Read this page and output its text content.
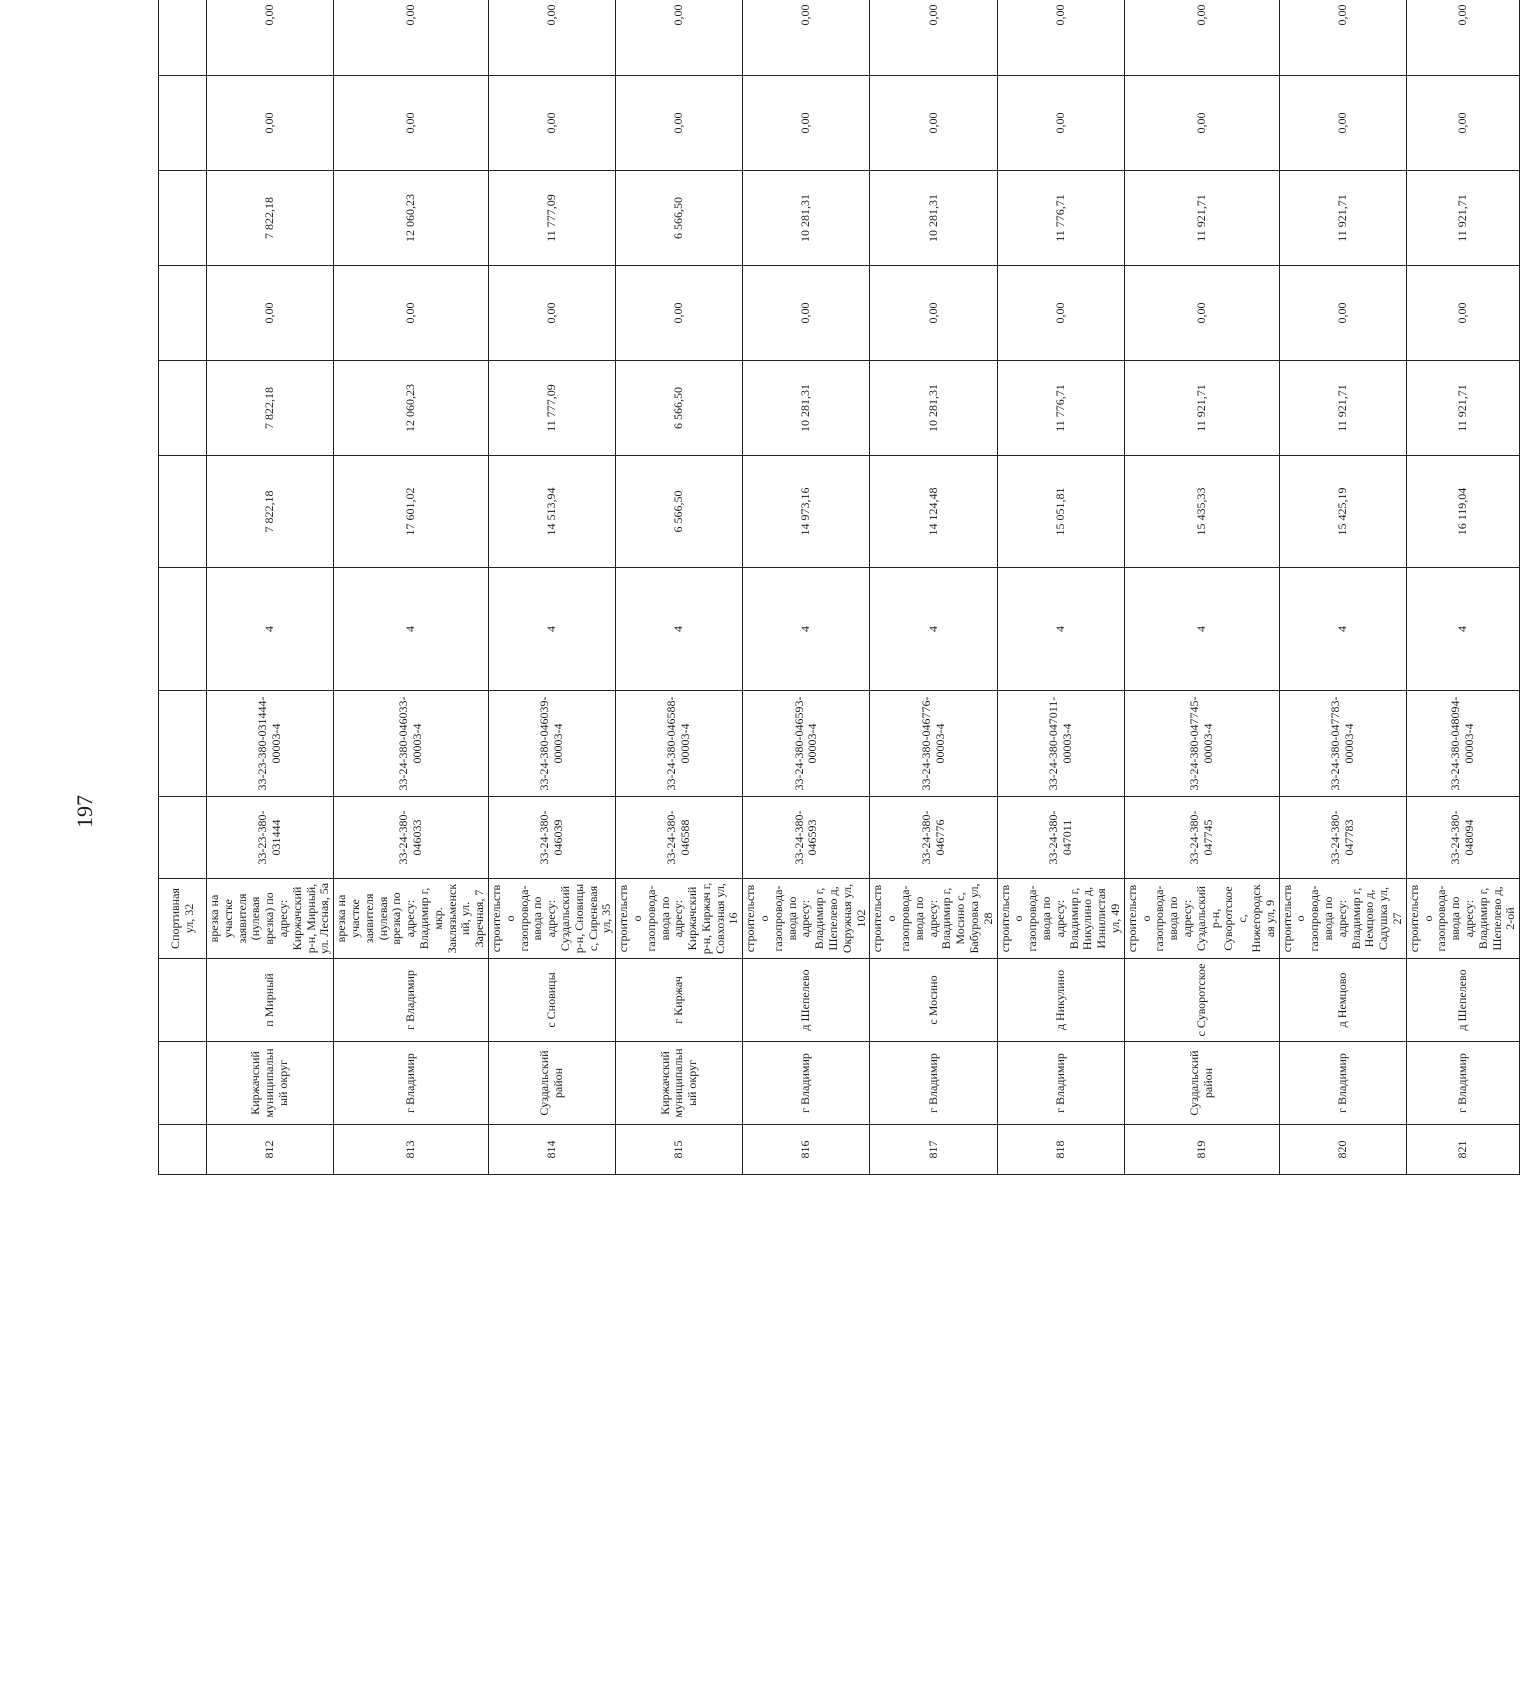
197
			Спортивная ул, 32									
812	Киржачский муниципальный округ	п Мирный	врезка на участке заявителя (нулевая врезка) по адресу: Киржачский р-н, Мирный, ул. Лесная, 5а	33-23-380-031444	33-23-380-031444-00003-4	4	7 822,18	7 822,18	0,00	7 822,18	0,00	0,00
813	г Владимир	г Владимир	врезка на участке заявителя (нулевая врезка) по адресу: Владимир г, мкр. Заклязьменский, ул. Заречная, 7	33-24-380-046033	33-24-380-046033-00003-4	4	17 601,02	12 060,23	0,00	12 060,23	0,00	0,00
814	Суздальский район	с Сновицы	строительство газопровода-ввода по адресу: Суздальский р-н, Сновицы с, Сиреневая ул, 35	33-24-380-046039	33-24-380-046039-00003-4	4	14 513,94	11 777,09	0,00	11 777,09	0,00	0,00
815	Киржачский муниципальный округ	г Киржач	строительство газопровода-ввода по адресу: Киржачский р-н, Киржач г, Совхозная ул, 16	33-24-380-046588	33-24-380-046588-00003-4	4	6 566,50	6 566,50	0,00	6 566,50	0,00	0,00
816	г Владимир	д Шепелево	строительство газопровода-ввода по адресу: Владимир г, Шепелево д, Окружная ул, 102	33-24-380-046593	33-24-380-046593-00003-4	4	14 973,16	10 281,31	0,00	10 281,31	0,00	0,00
817	г Владимир	с Мосино	строительство газопровода-ввода по адресу: Владимир г, Мосино с, Бабуровка ул, 28	33-24-380-046776	33-24-380-046776-00003-4	4	14 124,48	10 281,31	0,00	10 281,31	0,00	0,00
818	г Владимир	д Никулино	строительство газопровода-ввода по адресу: Владимир г, Никулино д, Изнилистая ул, 49	33-24-380-047011	33-24-380-047011-00003-4	4	15 051,81	11 776,71	0,00	11 776,71	0,00	0,00
819	Суздальский район	с Суворотское	строительство газопровода-ввода по адресу: Суздальский р-н, Суворотское с, Нижегородская ул, 9	33-24-380-047745	33-24-380-047745-00003-4	4	15 435,33	11 921,71	0,00	11 921,71	0,00	0,00
820	г Владимир	д Немцово	строительство газопровода-ввода по адресу: Владимир г, Немцово д, Садушка ул, 27	33-24-380-047783	33-24-380-047783-00003-4	4	15 425,19	11 921,71	0,00	11 921,71	0,00	0,00
821	г Владимир	д Шепелево	строительство газопровода-ввода по адресу: Владимир г, Шепелево д, 2-ой	33-24-380-048094	33-24-380-048094-00003-4	4	16 119,04	11 921,71	0,00	11 921,71	0,00	0,00
